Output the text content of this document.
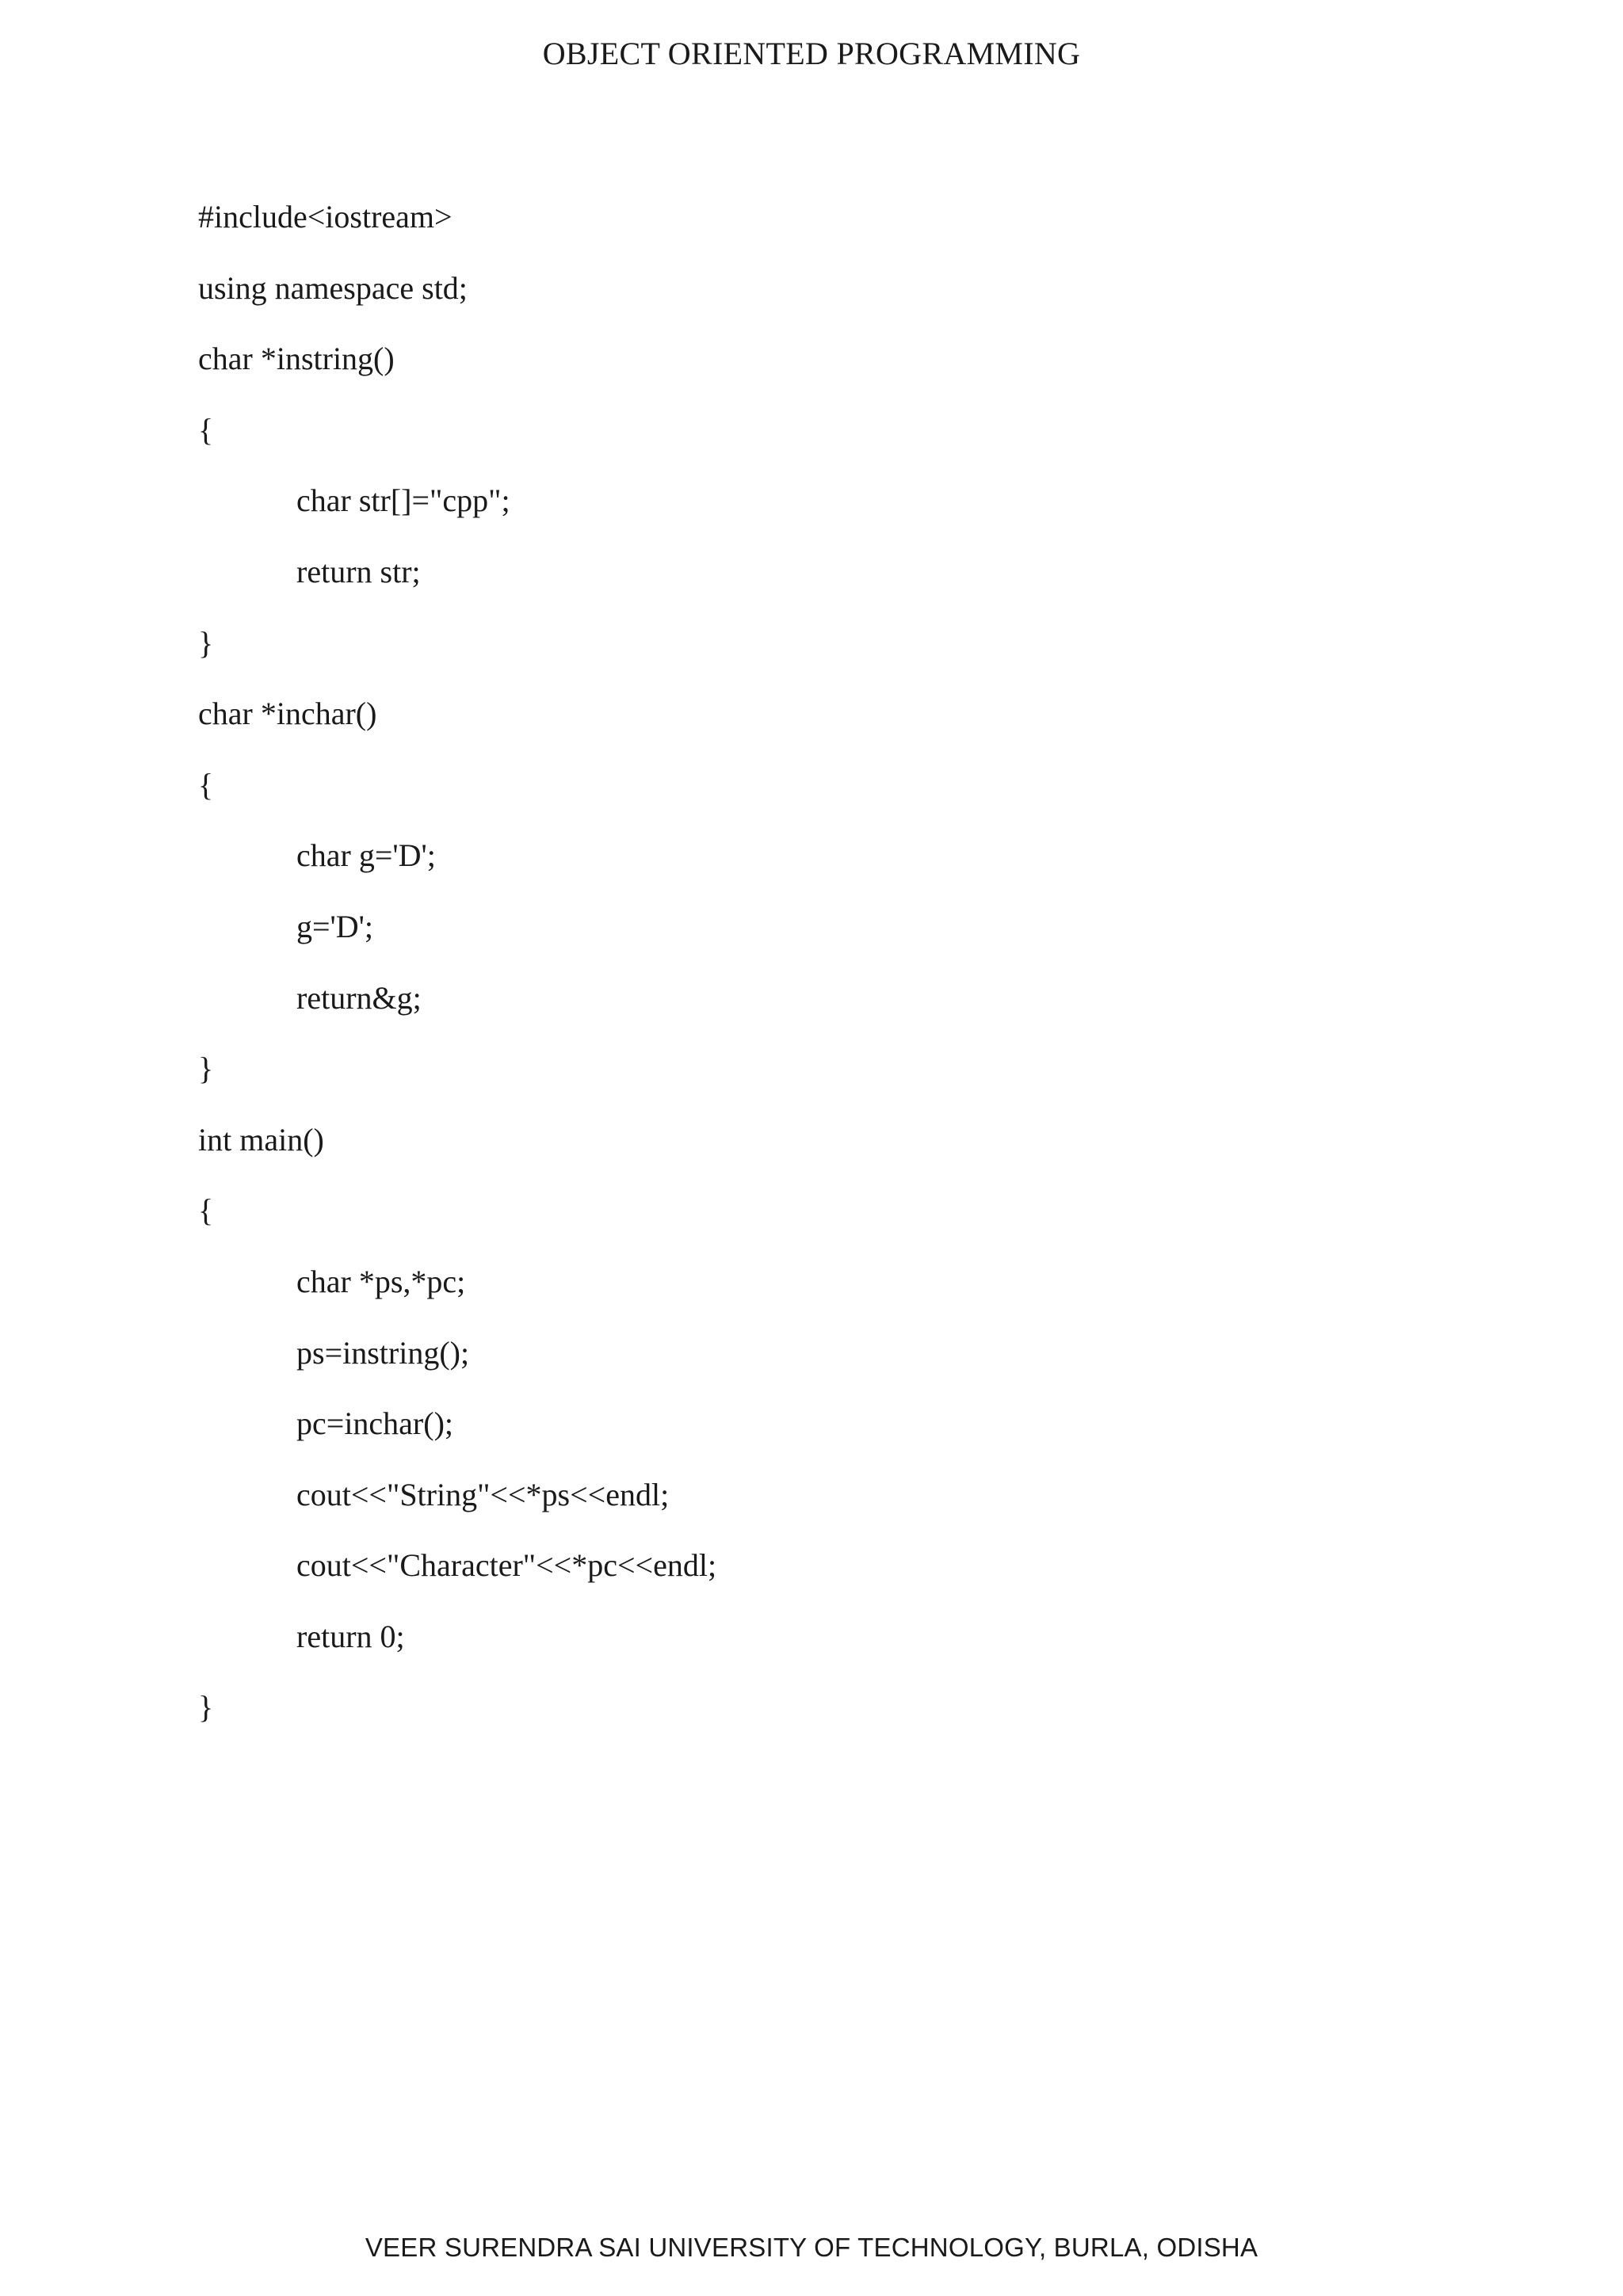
OBJECT ORIENTED PROGRAMMING
#include<iostream>
using namespace std;
char *instring()
{
char str[]="cpp";
return str;
}
char *inchar()
{
char g='D';
g='D';
return&g;
}
int main()
{
char *ps,*pc;
ps=instring();
pc=inchar();
cout<<"String"<<*ps<<endl;
cout<<"Character"<<*pc<<endl;
return 0;
}
VEER SURENDRA SAI UNIVERSITY OF TECHNOLOGY, BURLA, ODISHA
